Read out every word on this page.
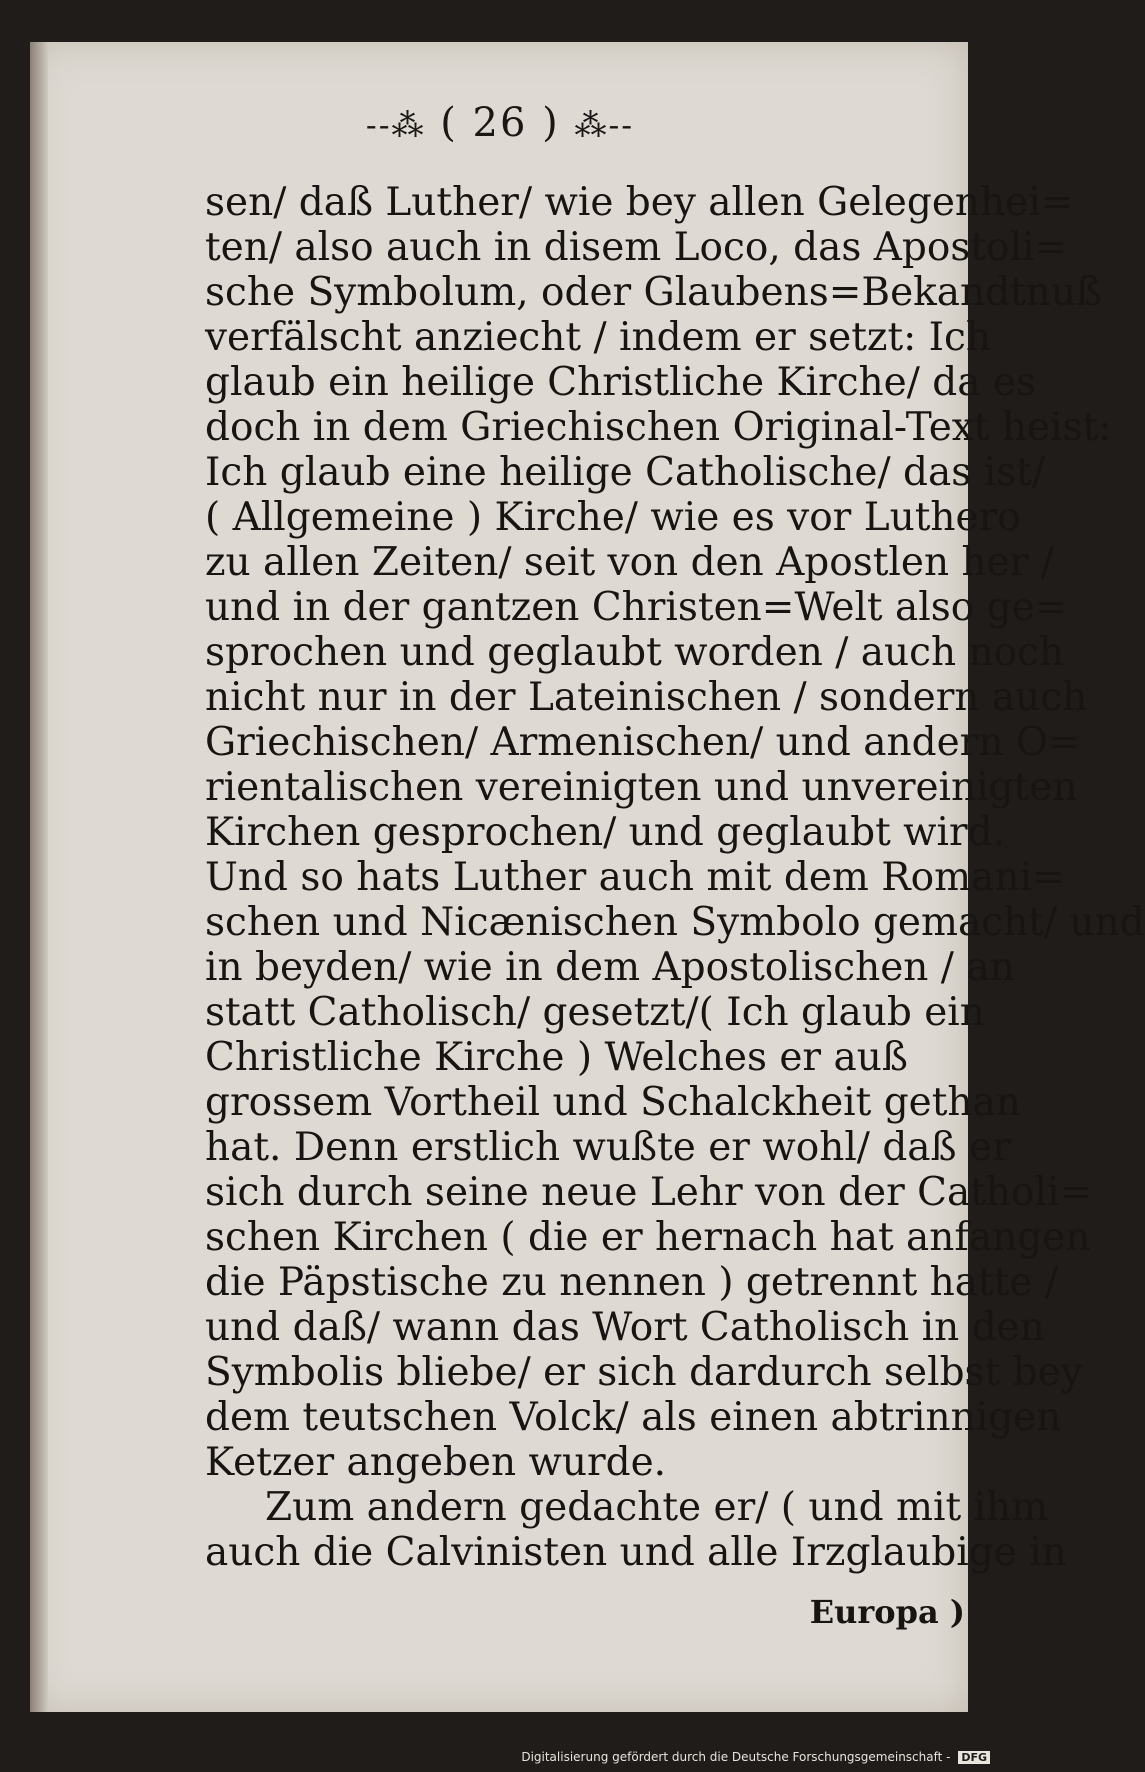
--⁂ ( 26 ) ⁂--
sen/ daß Luther/ wie bey allen Gelegenhei=
ten/ also auch in disem Loco, das Apostoli=
sche Symbolum, oder Glaubens=Bekandtnuß
verfälscht anziecht / indem er setzt: Ich
glaub ein heilige Christliche Kirche/ da es
doch in dem Griechischen Original-Text heist:
Ich glaub eine heilige Catholische/ das ist/
( Allgemeine ) Kirche/ wie es vor Luthero
zu allen Zeiten/ seit von den Apostlen her /
und in der gantzen Christen=Welt also ge=
sprochen und geglaubt worden / auch noch
nicht nur in der Lateinischen / sondern auch
Griechischen/ Armenischen/ und andern O=
rientalischen vereinigten und unvereinigten
Kirchen gesprochen/ und geglaubt wird.
Und so hats Luther auch mit dem Romani=
schen und Nicænischen Symbolo gemacht/ und
in beyden/ wie in dem Apostolischen / an
statt Catholisch/ gesetzt/( Ich glaub ein
Christliche Kirche ) Welches er auß
grossem Vortheil und Schalckheit gethan
hat. Denn erstlich wußte er wohl/ daß er
sich durch seine neue Lehr von der Catholi=
schen Kirchen ( die er hernach hat anfangen
die Päpstische zu nennen ) getrennt hatte /
und daß/ wann das Wort Catholisch in den
Symbolis bliebe/ er sich dardurch selbst bey
dem teutschen Volck/ als einen abtrinnigen
Ketzer angeben wurde.
Zum andern gedachte er/ ( und mit ihm
auch die Calvinisten und alle Irzglaubige in
Europa )
Digitalisierung gefördert durch die Deutsche Forschungsgemeinschaft - DFG
